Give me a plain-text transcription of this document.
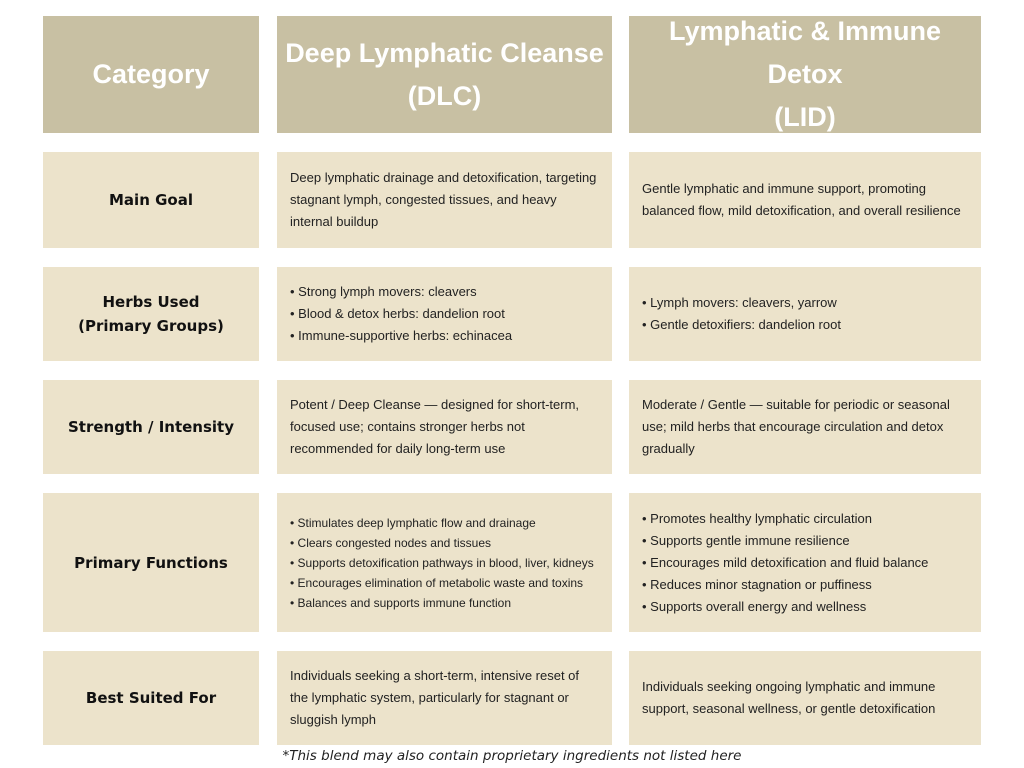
Category
Deep Lymphatic Cleanse
(DLC)
Lymphatic & Immune Detox
(LID)
Main Goal

Deep lymphatic drainage and detoxification, targeting stagnant lymph, congested tissues, and heavy internal buildup

Gentle lymphatic and immune support, promoting balanced flow, mild detoxification, and overall resilience

Herbs Used
(Primary Groups)
• Strong lymph movers: cleavers
• Blood & detox herbs: dandelion root
• Immune-supportive herbs: echinacea
• Lymph movers: cleavers, yarrow
• Gentle detoxifiers: dandelion root
Strength / Intensity

Potent / Deep Cleanse — designed for short-term, focused use; contains stronger herbs not recommended for daily long-term use

Moderate / Gentle — suitable for periodic or seasonal use; mild herbs that encourage circulation and detox gradually

Primary Functions
• Stimulates deep lymphatic flow and drainage
• Clears congested nodes and tissues
• Supports detoxification pathways in blood, liver, kidneys
• Encourages elimination of metabolic waste and toxins
• Balances and supports immune function
• Promotes healthy lymphatic circulation
• Supports gentle immune resilience
• Encourages mild detoxification and fluid balance
• Reduces minor stagnation or puffiness
• Supports overall energy and wellness
Best Suited For

Individuals seeking a short-term, intensive reset of the lymphatic system, particularly for stagnant or sluggish lymph

Individuals seeking ongoing lymphatic and immune support, seasonal wellness, or gentle detoxification

*This blend may also contain proprietary ingredients not listed here
